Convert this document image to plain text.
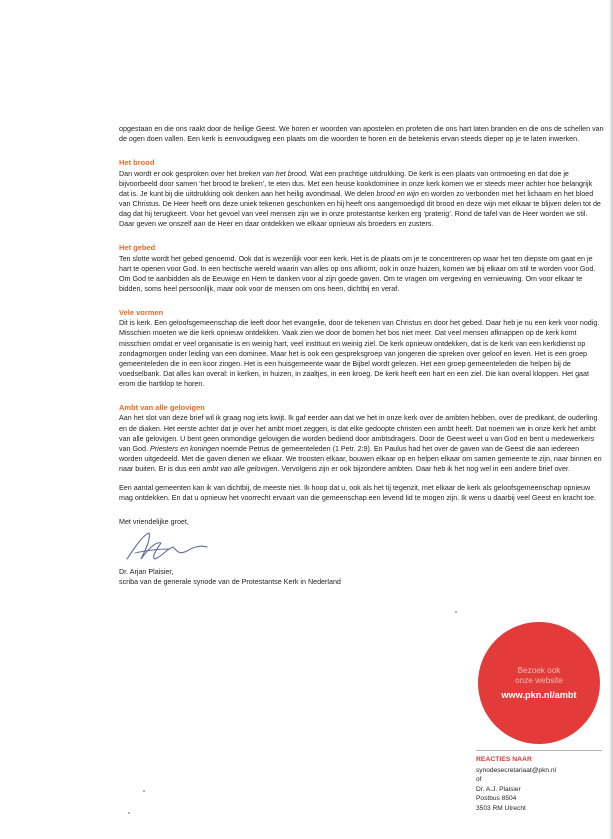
opgestaan en die ons raakt door de heilige Geest. We horen er woorden van apostelen en profeten die ons hart laten branden en die ons de schellen van de ogen doen vallen. Een kerk is eenvoudigweg een plaats om die woorden te horen en de betekenis ervan steeds dieper op je te laten inwerken.

Het brood

Dan wordt er ook gesproken over het breken van het brood. Wat een prachtige uitdrukking. De kerk is een plaats van ontmoeting en dat doe je bijvoorbeeld door samen ‘het brood te breken’, te eten dus. Met een heuse kookdominee in onze kerk komen we er steeds meer achter hoe belangrijk dat is. Je kunt bij die uitdrukking ook denken aan het heilig avondmaal. We delen brood en wijn en worden zo verbonden met het lichaam en het bloed van Christus. De Heer heeft ons deze uniek tekenen geschonken en hij heeft ons aangemoedigd dit brood en deze wijn met elkaar te blijven delen tot de dag dat hij terugkeert. Voor het gevoel van veel mensen zijn we in onze protestantse kerken erg ‘praterig’. Rond de tafel van de Heer worden we stil. Daar geven we onszelf aan de Heer en daar ontdekken we elkaar opnieuw als broeders en zusters.

Het gebed

Ten slotte wordt het gebed genoemd. Ook dat is wezenlijk voor een kerk. Het is de plaats om je te concentreren op waar het ten diepste om gaat en je hart te openen voor God. In een hectische wereld waarin van alles op ons afkomt, ook in onze huizen, komen we bij elkaar om stil te worden voor God. Om God te aanbidden als de Eeuwige en Hem te danken voor al zijn goede gaven. Om te vragen om vergeving en vernieuwing. Om voor elkaar te bidden, soms heel persoonlijk, maar ook voor de mensen om ons heen, dichtbij en veraf.

Vele vormen

Dit is kerk. Een geloofsgemeenschap die leeft door het evangelie, door de tekenen van Christus en door het gebed. Daar heb je nu een kerk voor nodig. Misschien moeten we die kerk opnieuw ontdekken. Vaak zien we door de bomen het bos niet meer. Dat veel mensen afknappen op de kerk komt misschien omdat er veel organisatie is en weinig hart, veel instituut en weinig ziel. De kerk opnieuw ontdekken, dat is de kerk van een kerkdienst op zondagmorgen onder leiding van een dominee. Maar het is ook een gespreksgroep van jongeren die spreken over geloof en leven. Het is een groep gemeenteleden die in een koor zingen. Het is een huisgemeente waar de Bijbel wordt gelezen. Het een groep gemeenteleden die helpen bij de voedselbank. Dat alles kan overal: in kerken, in huizen, in zaaltjes, in een kroeg. De kerk heeft een hart en een ziel. Die kan overal kloppen. Het gaat erom die hartklop te horen.

Ambt van alle gelovigen

Aan het slot van deze brief wil ik graag nog iets kwijt. Ik gaf eerder aan dat we het in onze kerk over de ambten hebben, over de predikant, de ouderling en de diaken. Het eerste achter dat je over het ambt moet zeggen, is dat elke gedoopte christen een ambt heeft. Dat noemen we in onze kerk het ambt van alle gelovigen. U bent geen onmondige gelovigen die worden bediend door ambtsdragers. Door de Geest weet u van God en bent u medewerkers van God. Priesters en koningen noemde Petrus de gemeenteleden (1 Petr. 2:9). En Paulus had het over de gaven van de Geest die aan iedereen worden uitgedeeld. Met die gaven dienen we elkaar. We troosten elkaar, bouwen elkaar op en helpen elkaar om samen gemeente te zijn, naar binnen en naar buiten. Er is dus een ambt van alle gelovigen. Vervolgens zijn er ook bijzondere ambten. Daar heb ik het nog wel in een andere brief over.

Een aantal gemeenten kan ik van dichtbij, de meeste niet. Ik hoop dat u, ook als het tij tegenzit, met elkaar de kerk als geloofsgemeenschap opnieuw mag ontdekken. En dat u opnieuw het voorrecht ervaart van die gemeenschap een levend lid te mogen zijn. Ik wens u daarbij veel Geest en kracht toe.

Met vriendelijke groet,

Dr. Arjan Plaisier,

scriba van de generale synode van de Protestantse Kerk in Nederland

Bezoek ook
onze website
www.pkn.nl/ambt
REACTIES NAAR
synodesecretariaat@pkn.nl
of
Dr. A.J. Plaisier
Postbus 8504
3503 RM Utrecht
